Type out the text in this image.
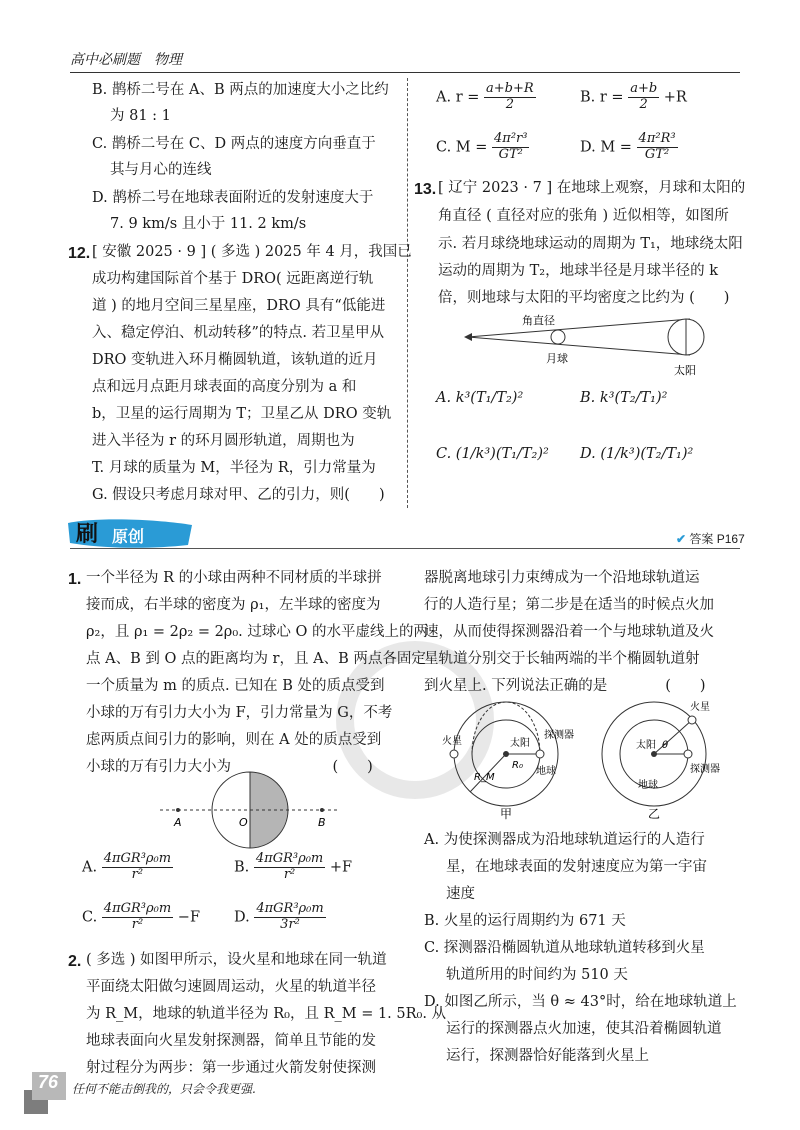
高中必刷题　物理
B. 鹊桥二号在 A、B 两点的加速度大小之比约
为 81 : 1
C. 鹊桥二号在 C、D 两点的速度方向垂直于
其与月心的连线
D. 鹊桥二号在地球表面附近的发射速度大于
7. 9 km/s 且小于 11. 2 km/s
12. [ 安徽 2025 · 9 ] ( 多选 ) 2025 年 4 月，我国已
成功构建国际首个基于 DRO( 远距离逆行轨
道 ) 的地月空间三星星座，DRO 具有“低能进
入、稳定停泊、机动转移”的特点. 若卫星甲从
DRO 变轨进入环月椭圆轨道，该轨道的近月
点和远月点距月球表面的高度分别为 a 和
b，卫星的运行周期为 T；卫星乙从 DRO 变轨
进入半径为 r 的环月圆形轨道，周期也为
T. 月球的质量为 M，半径为 R，引力常量为
G. 假设只考虑月球对甲、乙的引力，则(　　)
A. $r = \frac{a+b+R}{2}$	B. $r = \frac{a+b}{2} +R$
C. $M = \frac{\text{4π²r³}}{\text{GT²}}$	D. $M = \frac{\text{4π²R³}}{\text{GT²}}$
13. [ 辽宁 2023 · 7 ] 在地球上观察，月球和太阳的
角直径 ( 直径对应的张角 ) 近似相等，如图所
示. 若月球绕地球运动的周期为 T₁，地球绕太阳
运动的周期为 T₂，地球半径是月球半径的 k
倍，则地球与太阳的平均密度之比约为 (　　)
角直径
月球
太阳
A. k³(T₁/T₂)²	B. k³(T₂/T₁)²
C. (1/k³)(T₁/T₂)² D. (1/k³)(T₂/T₁)²
刷 原创	✔ 答案 P167
1. 一个半径为 R 的小球由两种不同材质的半球拼
接而成，右半球的密度为 ρ₁，左半球的密度为
ρ₂，且 ρ₁ = 2ρ₂ = 2ρ₀. 过球心 O 的水平虚线上的两
点 A、B 到 O 点的距离均为 r，且 A、B 两点各固定
一个质量为 m 的质点. 已知在 B 处的质点受到
小球的万有引力大小为 F，引力常量为 G，不考
虑两质点间引力的影响，则在 A 处的质点受到
小球的万有引力大小为　　　　　　　(　　)
A	O	B
A. $\frac{\text{4πGR³ρ₀m}}{\text{r²}}$	B. $\frac{\text{4πGR³ρ₀m}}{\text{r²}} +F$
C. $\frac{\text{4πGR³ρ₀m}}{\text{r²}} -F$ D. $\frac{\text{4πGR³ρ₀m}}{\text{3r²}}$
2. ( 多选 ) 如图甲所示，设火星和地球在同一轨道
平面绕太阳做匀速圆周运动，火星的轨道半径
为 R_M，地球的轨道半径为 R₀，且 R_M = 1. 5R₀. 从
地球表面向火星发射探测器，简单且节能的发
射过程分为两步：第一步通过火箭发射使探测
器脱离地球引力束缚成为一个沿地球轨道运
行的人造行星；第二步是在适当的时候点火加
速，从而使得探测器沿着一个与地球轨道及火
星轨道分别交于长轴两端的半个椭圆轨道射
到火星上. 下列说法正确的是　　　　(　　)
火星	太阳
探测器
地球
R₀
R_M
甲
火星
太阳 θ
探测器
地球
乙
A. 为使探测器成为沿地球轨道运行的人造行
星，在地球表面的发射速度应为第一宇宙
速度
B. 火星的运行周期约为 671 天
C. 探测器沿椭圆轨道从地球轨道转移到火星
轨道所用的时间约为 510 天
D. 如图乙所示，当 θ ≈ 43°时，给在地球轨道上
运行的探测器点火加速，使其沿着椭圆轨道
运行，探测器恰好能落到火星上
76 任何不能击倒我的，只会令我更强.
